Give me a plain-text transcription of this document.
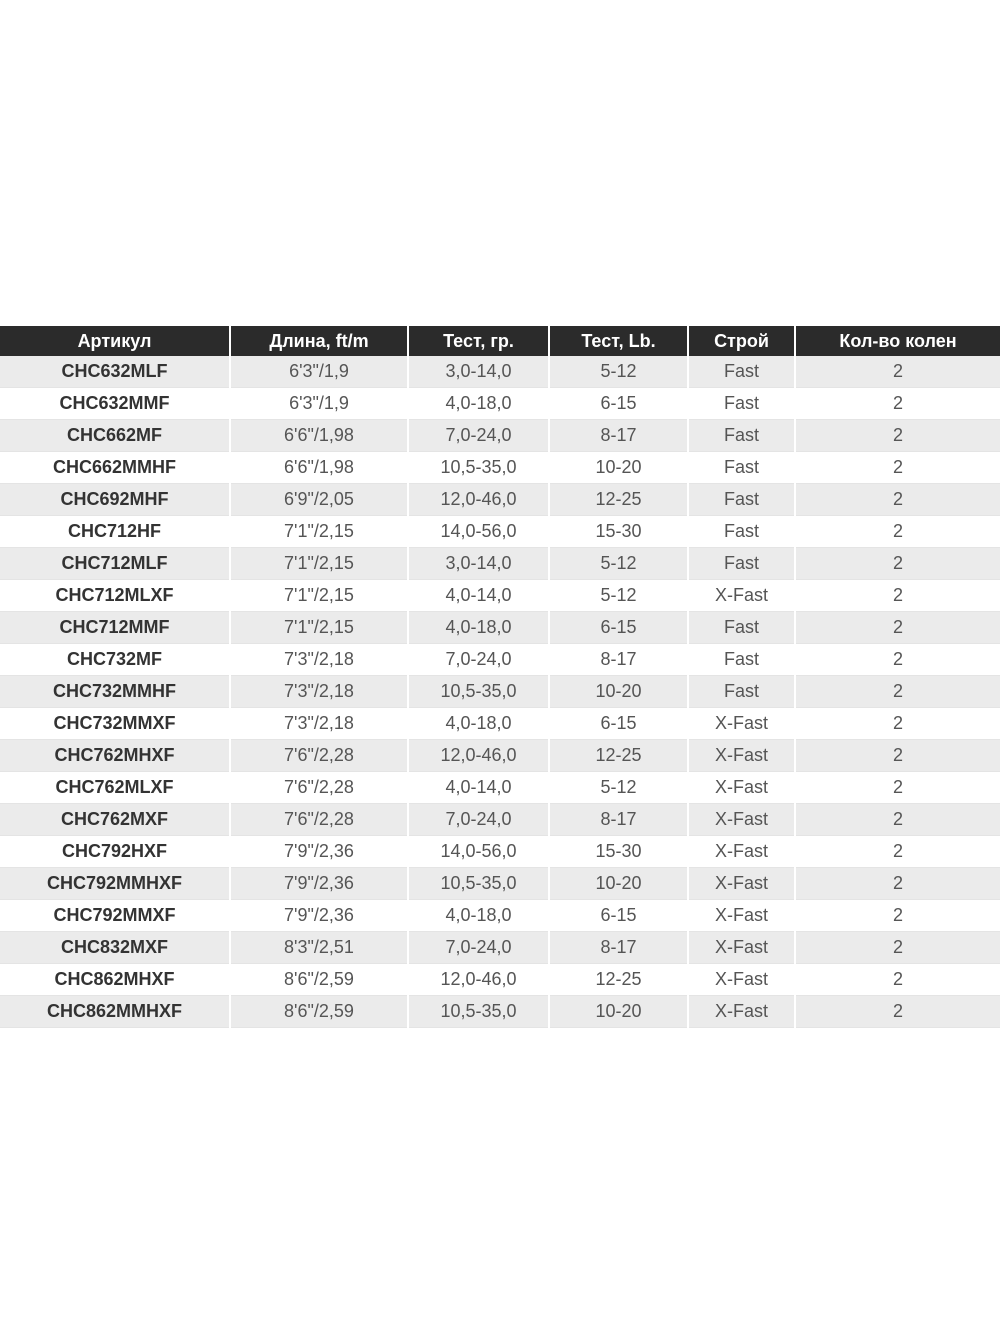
Артикул	Длина, ft/m	Тест, гр.	Тест, Lb.	Строй	Кол-во колен
CHC632MLF	6'3"/1,9	3,0-14,0	5-12	Fast	2
CHC632MMF	6'3"/1,9	4,0-18,0	6-15	Fast	2
CHC662MF	6'6"/1,98	7,0-24,0	8-17	Fast	2
CHC662MMHF	6'6"/1,98	10,5-35,0	10-20	Fast	2
CHC692MHF	6'9"/2,05	12,0-46,0	12-25	Fast	2
CHC712HF	7'1"/2,15	14,0-56,0	15-30	Fast	2
CHC712MLF	7'1"/2,15	3,0-14,0	5-12	Fast	2
CHC712MLXF	7'1"/2,15	4,0-14,0	5-12	X-Fast	2
CHC712MMF	7'1"/2,15	4,0-18,0	6-15	Fast	2
CHC732MF	7'3"/2,18	7,0-24,0	8-17	Fast	2
CHC732MMHF	7'3"/2,18	10,5-35,0	10-20	Fast	2
CHC732MMXF	7'3"/2,18	4,0-18,0	6-15	X-Fast	2
CHC762MHXF	7'6"/2,28	12,0-46,0	12-25	X-Fast	2
CHC762MLXF	7'6"/2,28	4,0-14,0	5-12	X-Fast	2
CHC762MXF	7'6"/2,28	7,0-24,0	8-17	X-Fast	2
CHC792HXF	7'9"/2,36	14,0-56,0	15-30	X-Fast	2
CHC792MMHXF	7'9"/2,36	10,5-35,0	10-20	X-Fast	2
CHC792MMXF	7'9"/2,36	4,0-18,0	6-15	X-Fast	2
CHC832MXF	8'3"/2,51	7,0-24,0	8-17	X-Fast	2
CHC862MHXF	8'6"/2,59	12,0-46,0	12-25	X-Fast	2
CHC862MMHXF	8'6"/2,59	10,5-35,0	10-20	X-Fast	2
